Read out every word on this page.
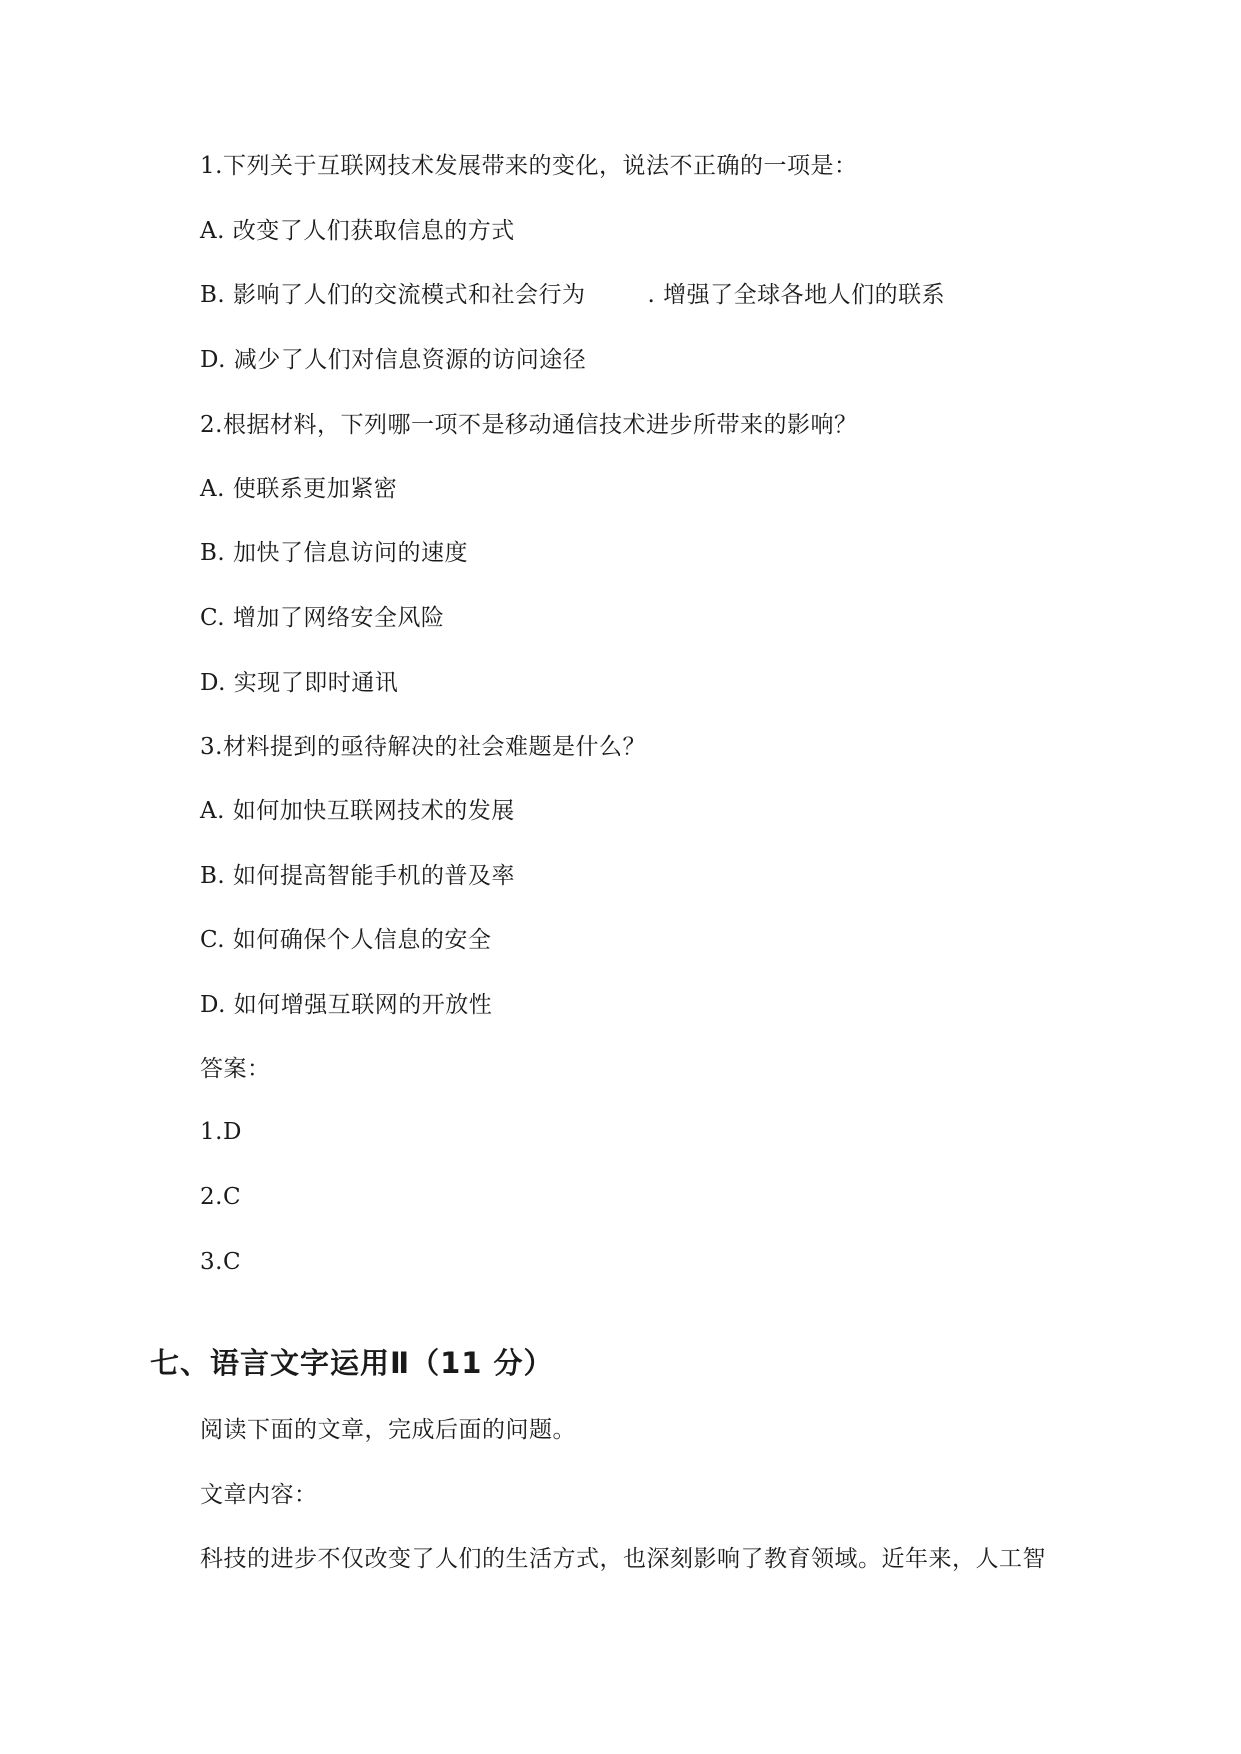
1.下列关于互联网技术发展带来的变化，说法不正确的一项是：
A. 改变了人们获取信息的方式
B. 影响了人们的交流模式和社会行为	. 增强了全球各地人们的联系
D. 减少了人们对信息资源的访问途径
2.根据材料，下列哪一项不是移动通信技术进步所带来的影响？
A. 使联系更加紧密
B. 加快了信息访问的速度
C. 增加了网络安全风险
D. 实现了即时通讯
3.材料提到的亟待解决的社会难题是什么？
A. 如何加快互联网技术的发展
B. 如何提高智能手机的普及率
C. 如何确保个人信息的安全
D. 如何增强互联网的开放性
答案：
1.D
2.C
3.C
七、语言文字运用Ⅱ（11 分）
阅读下面的文章，完成后面的问题。
文章内容：
科技的进步不仅改变了人们的生活方式，也深刻影响了教育领域。近年来，人工智
